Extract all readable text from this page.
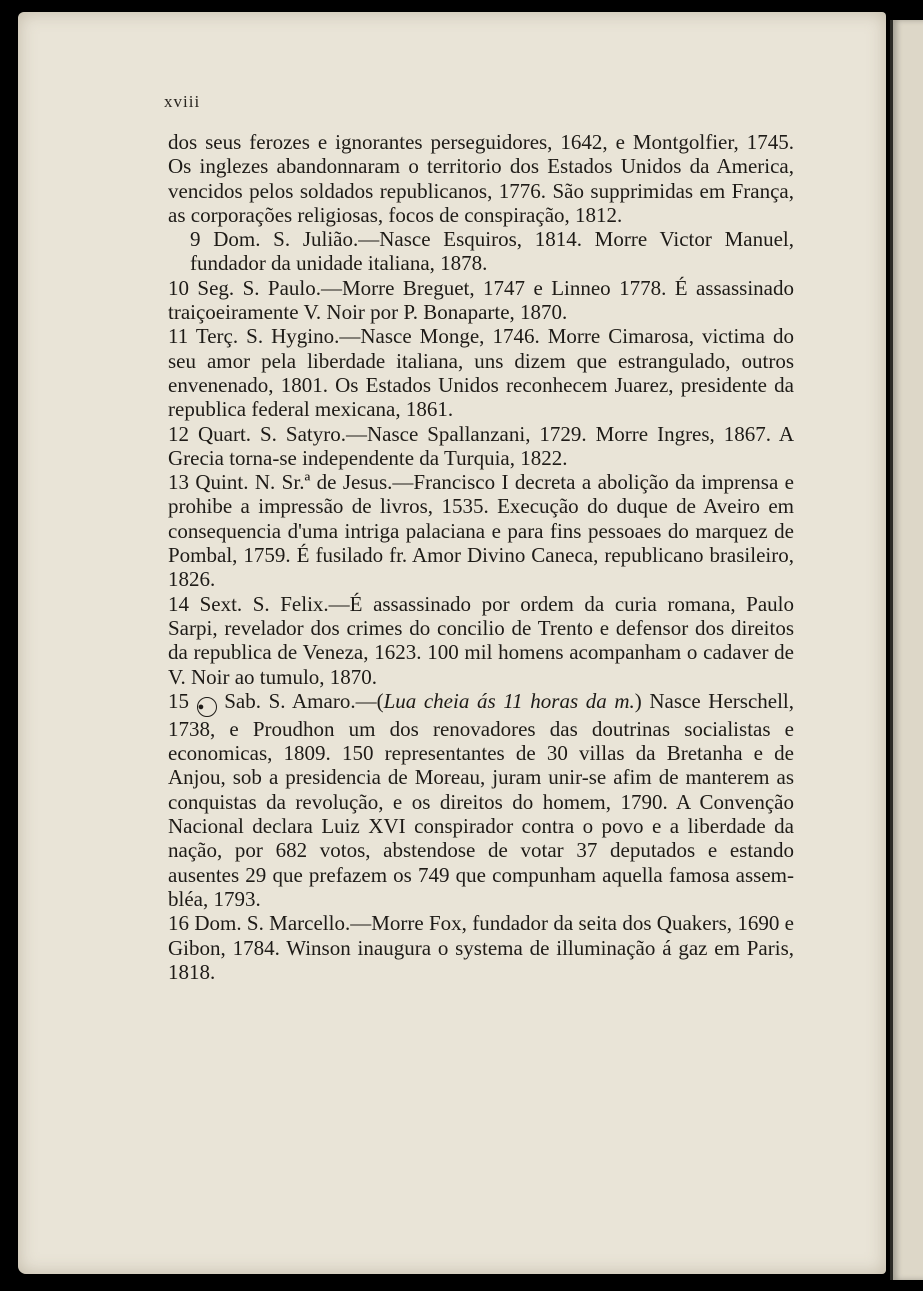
xviii

dos seus ferozes e ignorantes perseguidores, 1642, e Montgolfier, 1745. Os inglezes abandonnaram o territorio dos Estados Unidos da America, vencidos pelos soldados republicanos, 1776. São supprimidas em França, as corporações religiosas, focos de conspiração, 1812.

9 Dom. S. Julião.—Nasce Esquiros, 1814. Morre Victor Manuel, fundador da unidade italiana, 1878.

10 Seg. S. Paulo.—Morre Breguet, 1747 e Linneo 1778. É assassinado traiçoeiramente V. Noir por P. Bonaparte, 1870.

11 Terç. S. Hygino.—Nasce Monge, 1746. Morre Cimarosa, victima do seu amor pela liberdade italiana, uns dizem que estrangulado, outros envenenado, 1801. Os Estados Unidos reconhecem Juarez, presidente da republica federal mexicana, 1861.

12 Quart. S. Satyro.—Nasce Spallanzani, 1729. Morre Ingres, 1867. A Grecia torna-se independente da Turquia, 1822.

13 Quint. N. Sr.ª de Jesus.—Francisco I decreta a abolição da imprensa e prohibe a impressão de livros, 1535. Execução do duque de Aveiro em consequencia d'uma intriga palaciana e para fins pessoaes do marquez de Pombal, 1759. É fusilado fr. Amor Divino Caneca, republicano brasileiro, 1826.

14 Sext. S. Felix.—É assassinado por ordem da curia romana, Paulo Sarpi, revelador dos crimes do concilio de Trento e defensor dos direitos da republica de Veneza, 1623. 100 mil homens acompanham o cadaver de V. Noir ao tumulo, 1870.

15 ● Sab. S. Amaro.—(Lua cheia ás 11 horas da m.) Nasce Herschell, 1738, e Proudhon um dos renovadores das doutrinas socialistas e economicas, 1809. 150 representantes de 30 villas da Bretanha e de Anjou, sob a presidencia de Moreau, juram unir-se afim de manterem as conquistas da revolução, e os direitos do homem, 1790. A Convenção Nacional declara Luiz XVI conspirador contra o povo e a liberdade da nação, por 682 votos, abstendose de votar 37 deputados e estando ausentes 29 que prefazem os 749 que compunham aquella famosa assembléa, 1793.

16 Dom. S. Marcello.—Morre Fox, fundador da seita dos Quakers, 1690 e Gibon, 1784. Winson inaugura o systema de illuminação á gaz em Paris, 1818.
